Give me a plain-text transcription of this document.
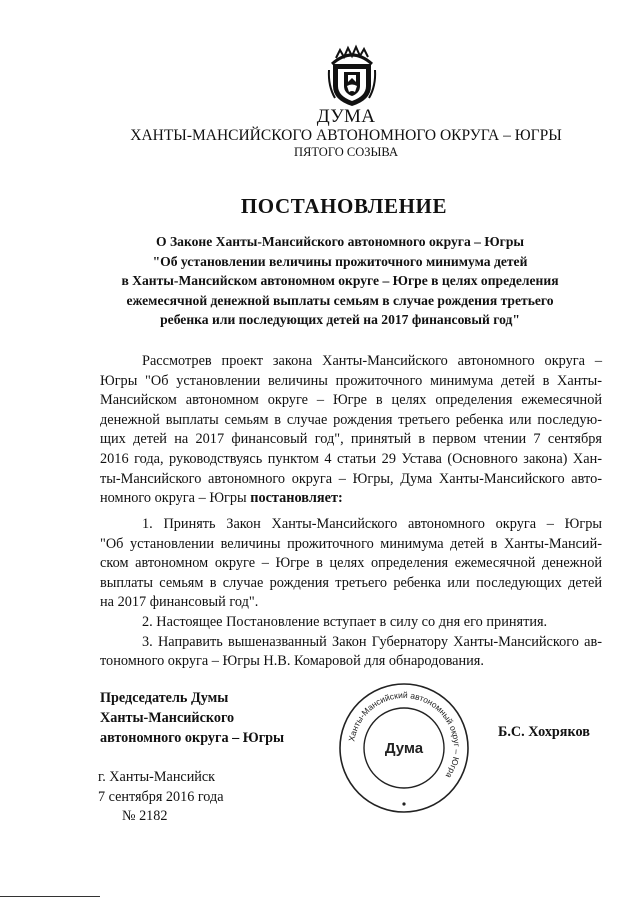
ДУМА
ХАНТЫ-МАНСИЙСКОГО АВТОНОМНОГО ОКРУГА – ЮГРЫ
ПЯТОГО СОЗЫВА
ПОСТАНОВЛЕНИЕ
О Законе Ханты-Мансийского автономного округа – Югры
"Об установлении величины прожиточного минимума детей
в Ханты-Мансийском автономном округе – Югре в целях определения
ежемесячной денежной выплаты семьям в случае рождения третьего
ребенка или последующих детей на 2017 финансовый год"
Рассмотрев проект закона Ханты-Мансийского автономного округа –
Югры "Об установлении величины прожиточного минимума детей в Ханты-
Мансийском автономном округе – Югре в целях определения ежемесячной
денежной выплаты семьям в случае рождения третьего ребенка или последую-
щих детей на 2017 финансовый год", принятый в первом чтении 7 сентября
2016 года, руководствуясь пунктом 4 статьи 29 Устава (Основного закона) Хан-
ты-Мансийского автономного округа – Югры, Дума Ханты-Мансийского авто-
номного округа – Югры постановляет:
1. Принять Закон Ханты-Мансийского автономного округа – Югры
"Об установлении величины прожиточного минимума детей в Ханты-Мансий-
ском автономном округе – Югре в целях определения ежемесячной денежной
выплаты семьям в случае рождения третьего ребенка или последующих детей
на 2017 финансовый год".
2. Настоящее Постановление вступает в силу со дня его принятия.
3. Направить вышеназванный Закон Губернатору Ханты-Мансийского ав-
тономного округа – Югры Н.В. Комаровой для обнародования.
Председатель Думы
Ханты-Мансийского
автономного округа – Югры	Ханты-Мансийский автономный округ – Югра
Дума
Б.С. Хохряков
г. Ханты-Мансийск
7 сентября 2016 года
№ 2182
